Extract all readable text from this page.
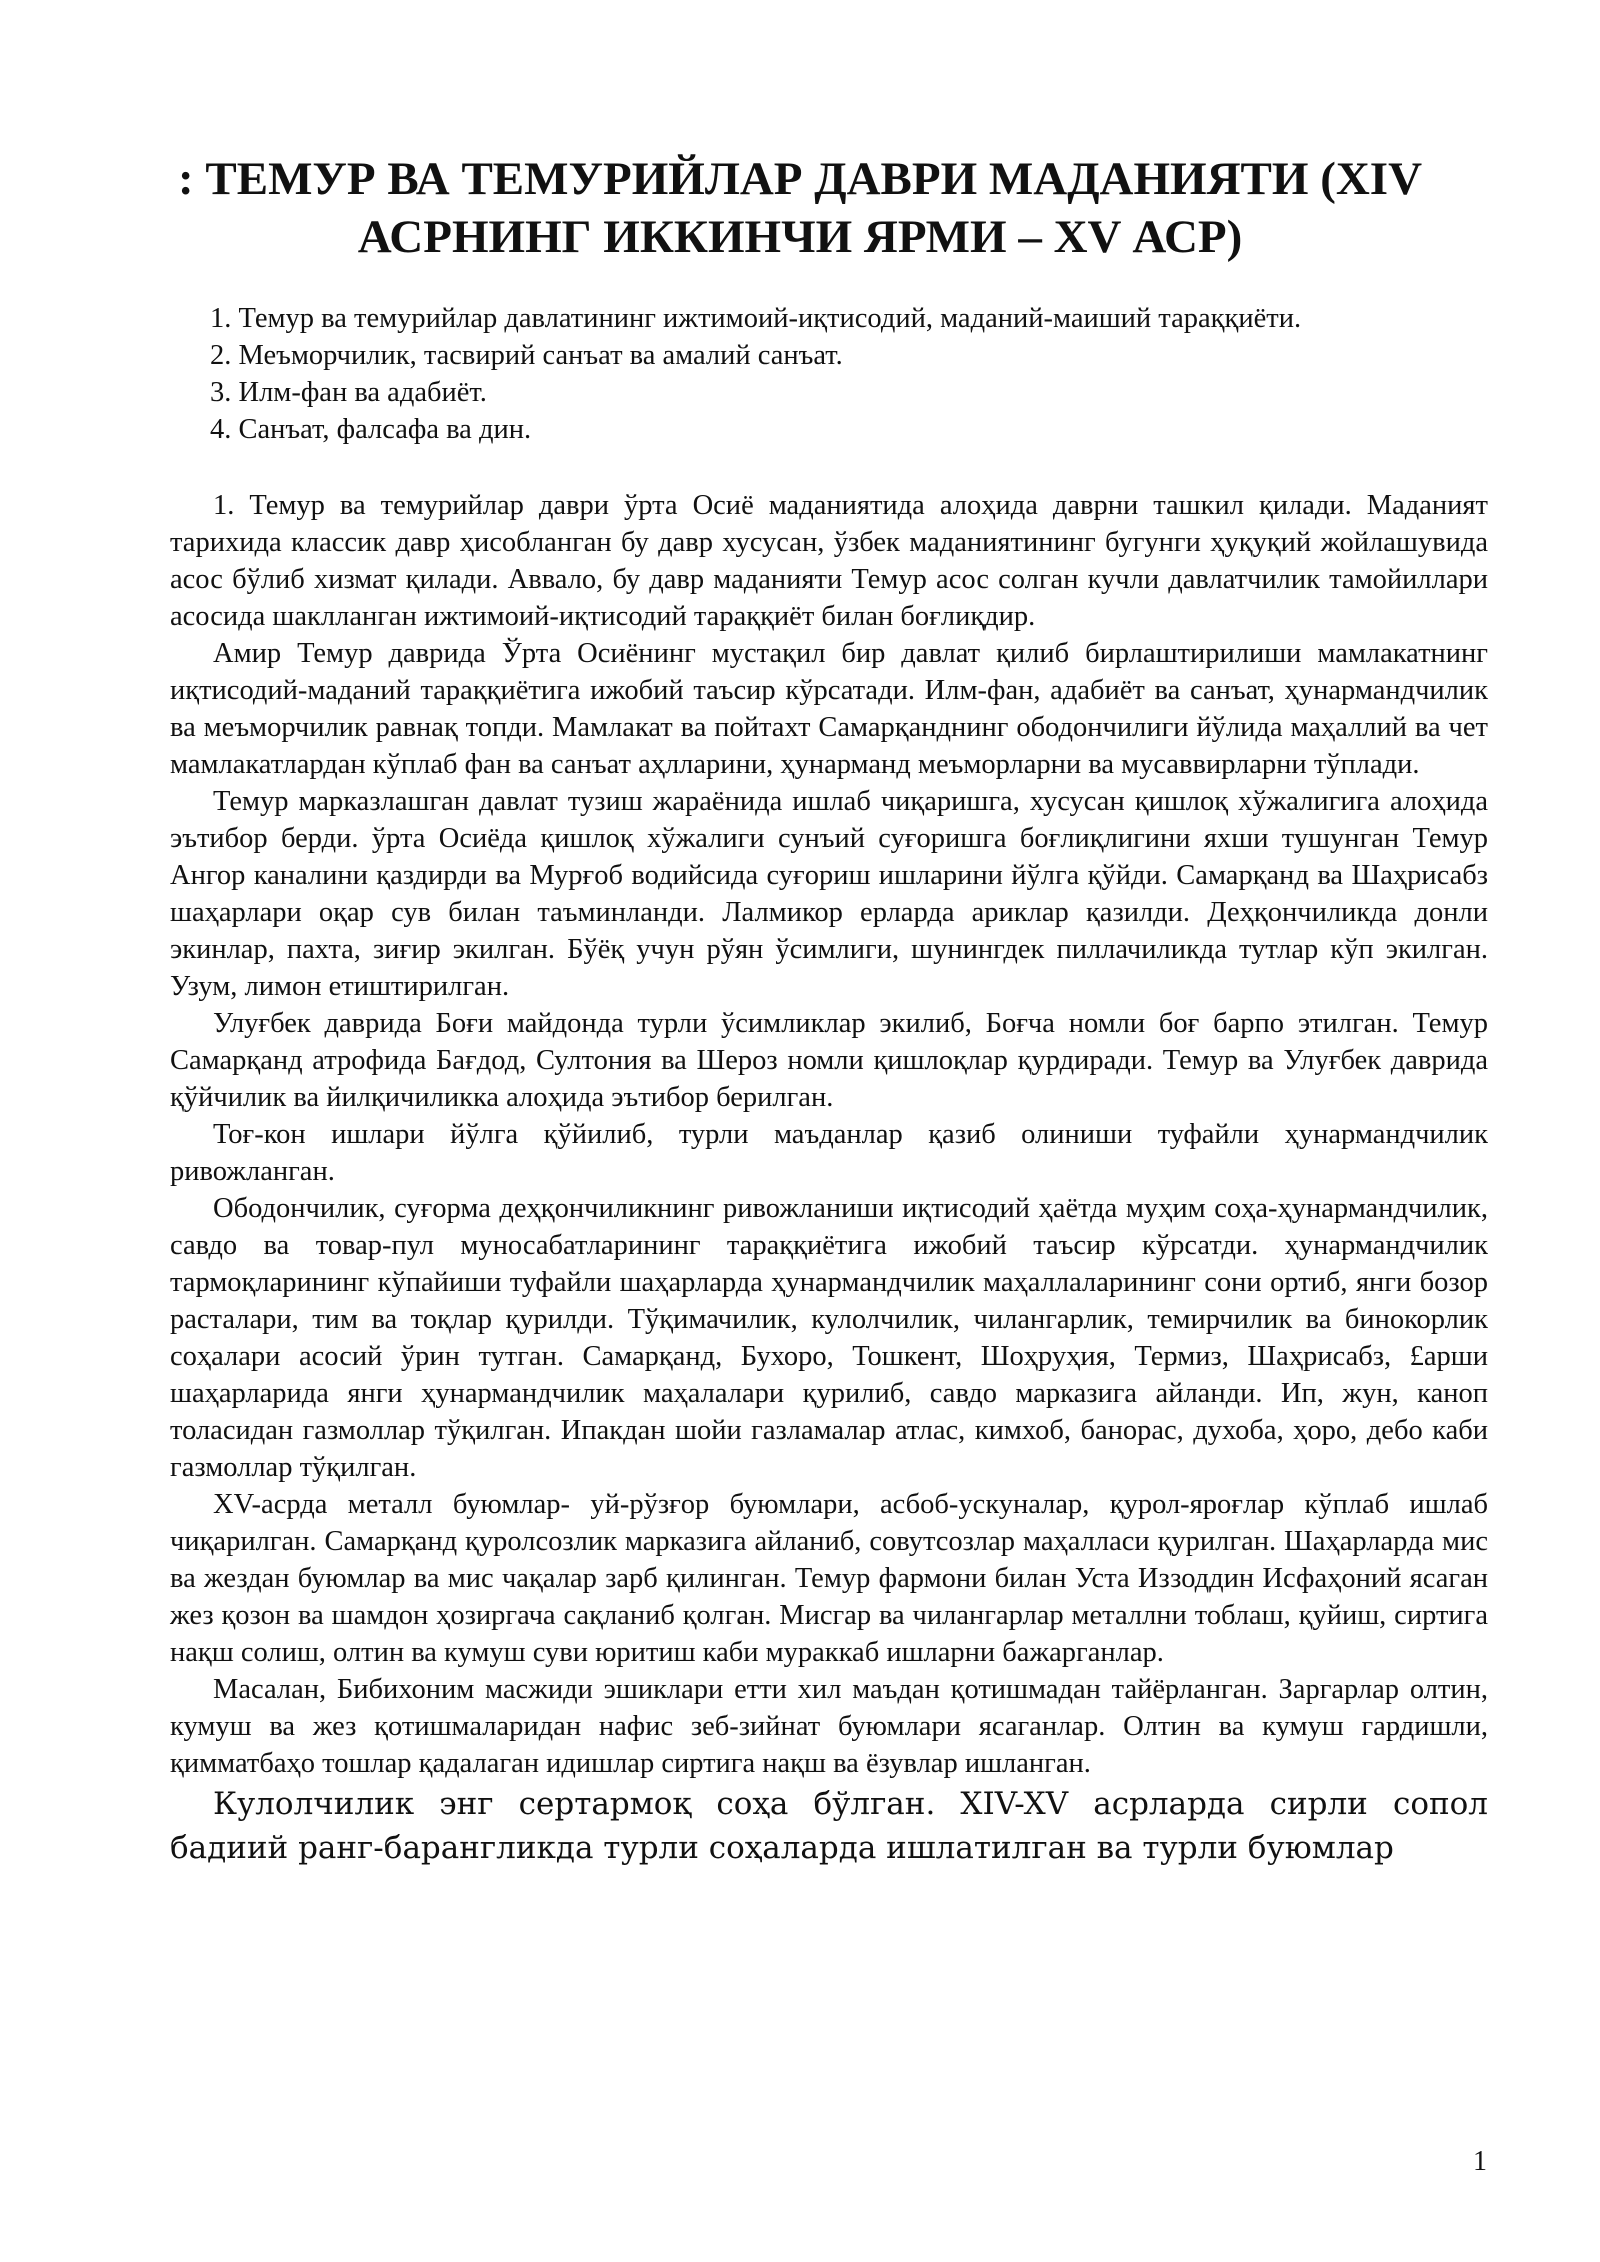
: ТЕМУР ВА ТЕМУРИЙЛАР ДАВРИ МАДАНИЯТИ (XIV АСРНИНГ ИККИНЧИ ЯРМИ – XV АСР)
1. Темур ва темурийлар давлатининг ижтимоий-иқтисодий, маданий-маиший тараққиёти.
2. Меъморчилик, тасвирий санъат ва амалий санъат.
3. Илм-фан ва адабиёт.
4. Санъат, фалсафа ва дин.

1. Темур ва темурийлар даври ўрта Осиё маданиятида алоҳида даврни ташкил қилади. Маданият тарихида классик давр ҳисобланган бу давр хусусан, ўзбек маданиятининг бугунги ҳуқуқий жойлашувида асос бўлиб хизмат қилади. Аввало, бу давр маданияти Темур асос солган кучли давлатчилик тамойиллари асосида шаклланган ижтимоий-иқтисодий тараққиёт билан боғлиқдир.

Амир Темур даврида Ўрта Осиёнинг мустақил бир давлат қилиб бирлаштирилиши мамлакатнинг иқтисодий-маданий тараққиётига ижобий таъсир кўрсатади. Илм-фан, адабиёт ва санъат, ҳунармандчилик ва меъморчилик равнақ топди. Мамлакат ва пойтахт Самарқанднинг ободончилиги йўлида маҳаллий ва чет мамлакатлардан кўплаб фан ва санъат аҳлларини, ҳунарманд меъморларни ва мусаввирларни тўплади.

Темур марказлашган давлат тузиш жараёнида ишлаб чиқаришга, хусусан қишлоқ хўжалигига алоҳида эътибор берди. ўрта Осиёда қишлоқ хўжалиги сунъий суғоришга боғлиқлигини яхши тушунган Темур Ангор каналини қаздирди ва Мурғоб водийсида суғориш ишларини йўлга қўйди. Самарқанд ва Шаҳрисабз шаҳарлари оқар сув билан таъминланди. Лалмикор ерларда ариклар қазилди. Деҳқончиликда донли экинлар, пахта, зиғир экилган. Бўёқ учун рўян ўсимлиги, шунингдек пиллачиликда тутлар кўп экилган. Узум, лимон етиштирилган.

Улуғбек даврида Боғи майдонда турли ўсимликлар экилиб, Боғча номли боғ барпо этилган. Темур Самарқанд атрофида Бағдод, Султония ва Шероз номли қишлоқлар қурдиради. Темур ва Улуғбек даврида қўйчилик ва йилқичиликка алоҳида эътибор берилган.

Тоғ-кон ишлари йўлга қўйилиб, турли маъданлар қазиб олиниши туфайли ҳунармандчилик ривожланган.

Ободончилик, суғорма деҳқончиликнинг ривожланиши иқтисодий ҳаётда муҳим соҳа-ҳунармандчилик, савдо ва товар-пул муносабатларининг тараққиётига ижобий таъсир кўрсатди. ҳунармандчилик тармоқларининг кўпайиши туфайли шаҳарларда ҳунармандчилик маҳаллаларининг сони ортиб, янги бозор расталари, тим ва тоқлар қурилди. Тўқимачилик, кулолчилик, чилангарлик, темирчилик ва бинокорлик соҳалари асосий ўрин тутган. Самарқанд, Бухоро, Тошкент, Шоҳруҳия, Термиз, Шаҳрисабз, £арши шаҳарларида янги ҳунармандчилик маҳалалари қурилиб, савдо марказига айланди. Ип, жун, каноп толасидан газмоллар тўқилган. Ипакдан шойи газламалар атлас, кимхоб, банорас, духоба, ҳоро, дебо каби газмоллар тўқилган.

XV-асрда металл буюмлар- уй-рўзғор буюмлари, асбоб-ускуналар, қурол-яроғлар кўплаб ишлаб чиқарилган. Самарқанд қуролсозлик марказига айланиб, совутсозлар маҳалласи қурилган. Шаҳарларда мис ва жездан буюмлар ва мис чақалар зарб қилинган. Темур фармони билан Уста Иззоддин Исфаҳоний ясаган жез қозон ва шамдон ҳозиргача сақланиб қолган. Мисгар ва чилангарлар металлни тоблаш, қуйиш, сиртига нақш солиш, олтин ва кумуш суви юритиш каби мураккаб ишларни бажарганлар.

Масалан, Бибихоним масжиди эшиклари етти хил маъдан қотишмадан тайёрланган. Заргарлар олтин, кумуш ва жез қотишмаларидан нафис зеб-зийнат буюмлари ясаганлар. Олтин ва кумуш гардишли, қимматбаҳо тошлар қадалаган идишлар сиртига нақш ва ёзувлар ишланган.

Кулолчилик энг сертармоқ соҳа бўлган. XIV-XV асрларда сирли сопол бадиий ранг-барангликда турли соҳаларда ишлатилган ва турли буюмлар

1
